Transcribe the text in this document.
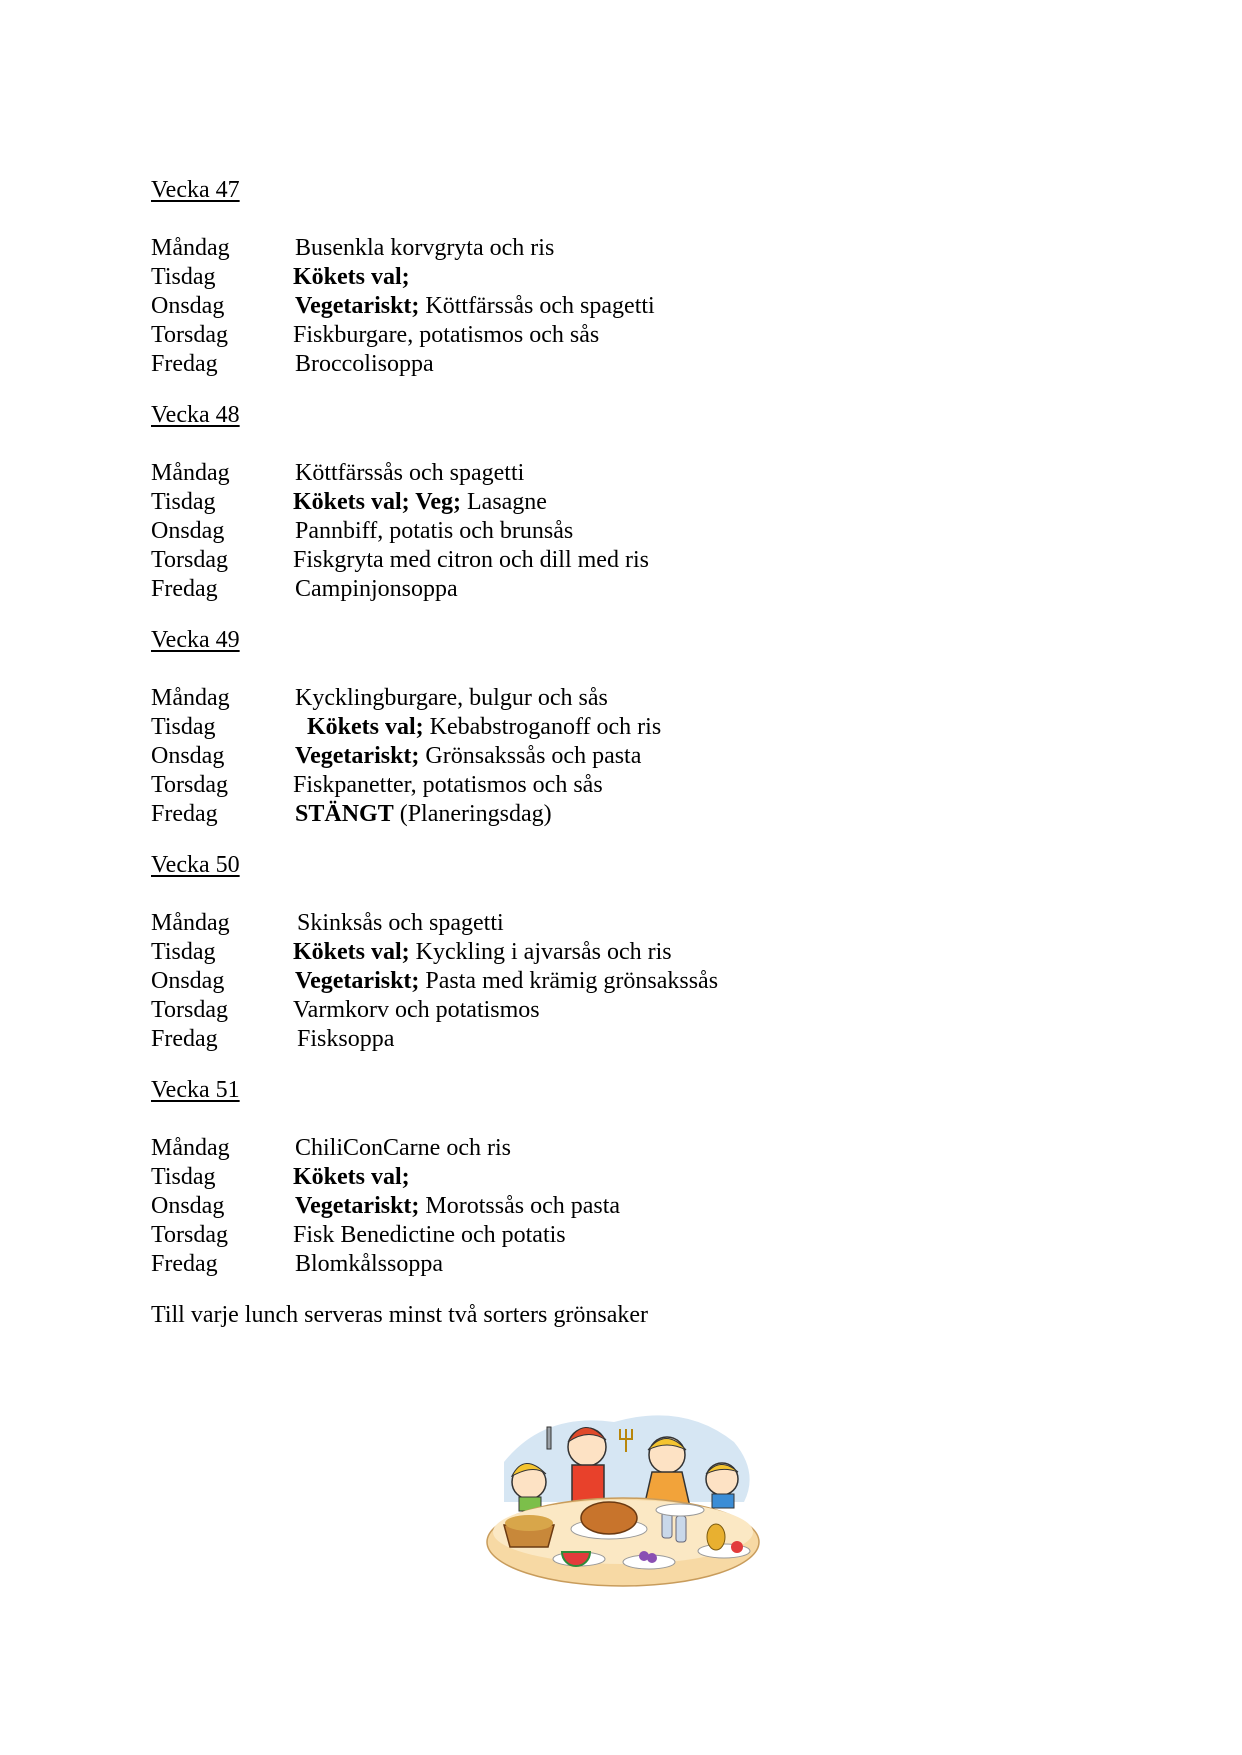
Vecka 47
Måndag	Busenkla korvgryta och ris
Tisdag	Kökets val;
Onsdag	Vegetariskt; Köttfärssås och spagetti
Torsdag	Fiskburgare, potatismos och sås
Fredag	Broccolisoppa
Vecka 48
Måndag	Köttfärssås och spagetti
Tisdag	Kökets val; Veg; Lasagne
Onsdag	Pannbiff, potatis och brunsås
Torsdag	Fiskgryta med citron och dill med ris
Fredag	Campinjonsoppa
Vecka 49
Måndag	Kycklingburgare, bulgur och sås
Tisdag	Kökets val; Kebabstroganoff och ris
Onsdag	Vegetariskt; Grönsakssås och pasta
Torsdag	Fiskpanetter, potatismos och sås
Fredag	STÄNGT (Planeringsdag)
Vecka 50
Måndag	Skinksås och spagetti
Tisdag	Kökets val; Kyckling i ajvarsås och ris
Onsdag	Vegetariskt; Pasta med krämig grönsakssås
Torsdag	Varmkorv och potatismos
Fredag	Fisksoppa
Vecka 51
Måndag	ChiliConCarne och ris
Tisdag	Kökets val;
Onsdag	Vegetariskt; Morotssås och pasta
Torsdag	Fisk Benedictine och potatis
Fredag	Blomkålssoppa
Till varje lunch serveras minst två sorters grönsaker
